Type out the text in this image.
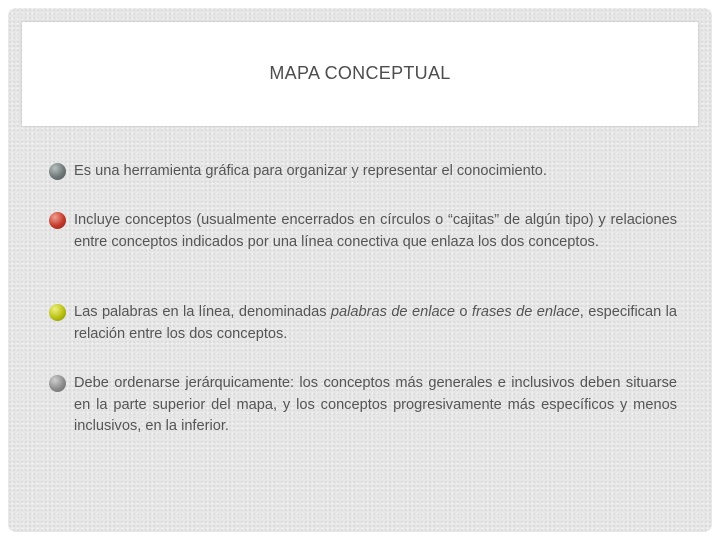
MAPA CONCEPTUAL
Es una herramienta gráfica para organizar y representar el conocimiento.
Incluye conceptos (usualmente encerrados en círculos o “cajitas” de algún tipo) y relaciones entre conceptos indicados por una línea conectiva que enlaza los dos conceptos.
Las palabras en la línea, denominadas palabras de enlace o frases de enlace, especifican la relación entre los dos conceptos.
Debe ordenarse jerárquicamente: los conceptos más generales e inclusivos deben situarse en la parte superior del mapa, y los conceptos progresivamente más específicos y menos inclusivos, en la inferior.
